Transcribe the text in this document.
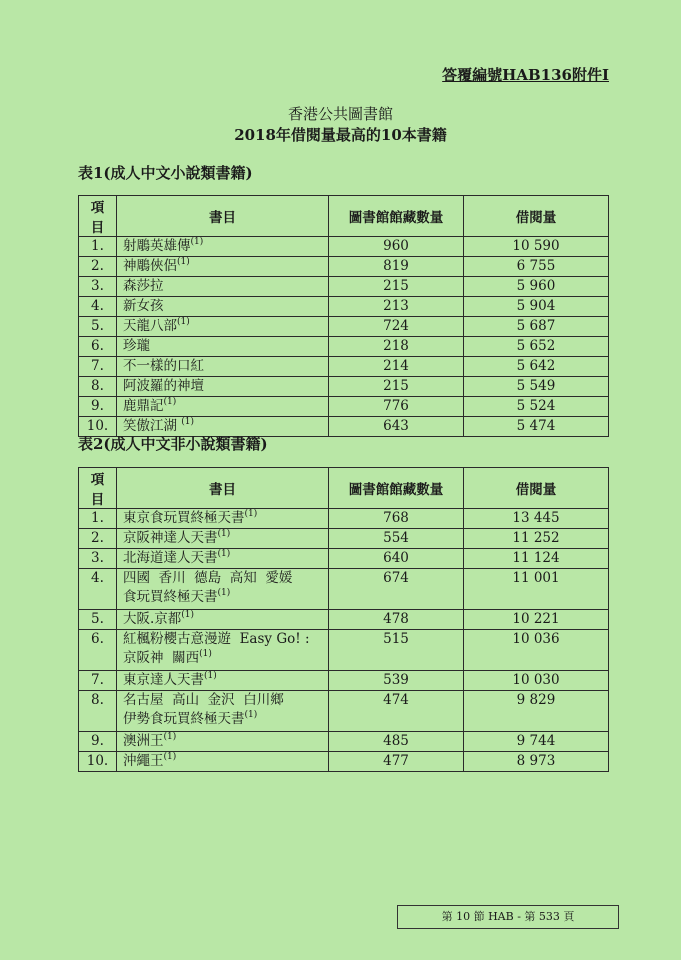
答覆編號HAB136附件I
香港公共圖書館
2018年借閱量最高的10本書籍
表1(成人中文小說類書籍)
項目	書目	圖書館館藏數量	借閱量
1.	射鵰英雄傳$^{(1)}$	960	10 590
2.	神鵰俠侶$^{(1)}$	819	6 755
3.	森莎拉	215	5 960
4.	新女孩	213	5 904
5.	天龍八部$^{(1)}$	724	5 687
6.	珍瓏	218	5 652
7.	不一樣的口紅	214	5 642
8.	阿波羅的神壇	215	5 549
9.	鹿鼎記$^{(1)}$	776	5 524
10.	笑傲江湖 $^{(1)}$	643	5 474
表2(成人中文非小說類書籍)
項目	書目	圖書館館藏數量	借閱量
1.	東京食玩買終極天書$^{(1)}$	768	13 445
2.	京阪神達人天書$^{(1)}$	554	11 252
3.	北海道達人天書$^{(1)}$	640	11 124
4.	四國  香川  德島  高知  愛媛
食玩買終極天書$^{(1)}$	674	11 001
5.	大阪.京都$^{(1)}$	478	10 221
6.	紅楓粉櫻古意漫遊  Easy Go! :
京阪神  關西$^{(1)}$	515	10 036
7.	東京達人天書$^{(1)}$	539	10 030
8.	名古屋  高山  金沢  白川鄉
伊勢食玩買終極天書$^{(1)}$	474	9 829
9.	澳洲王$^{(1)}$	485	9 744
10.	沖繩王$^{(1)}$	477	8 973
第 10 節 HAB - 第 533 頁
